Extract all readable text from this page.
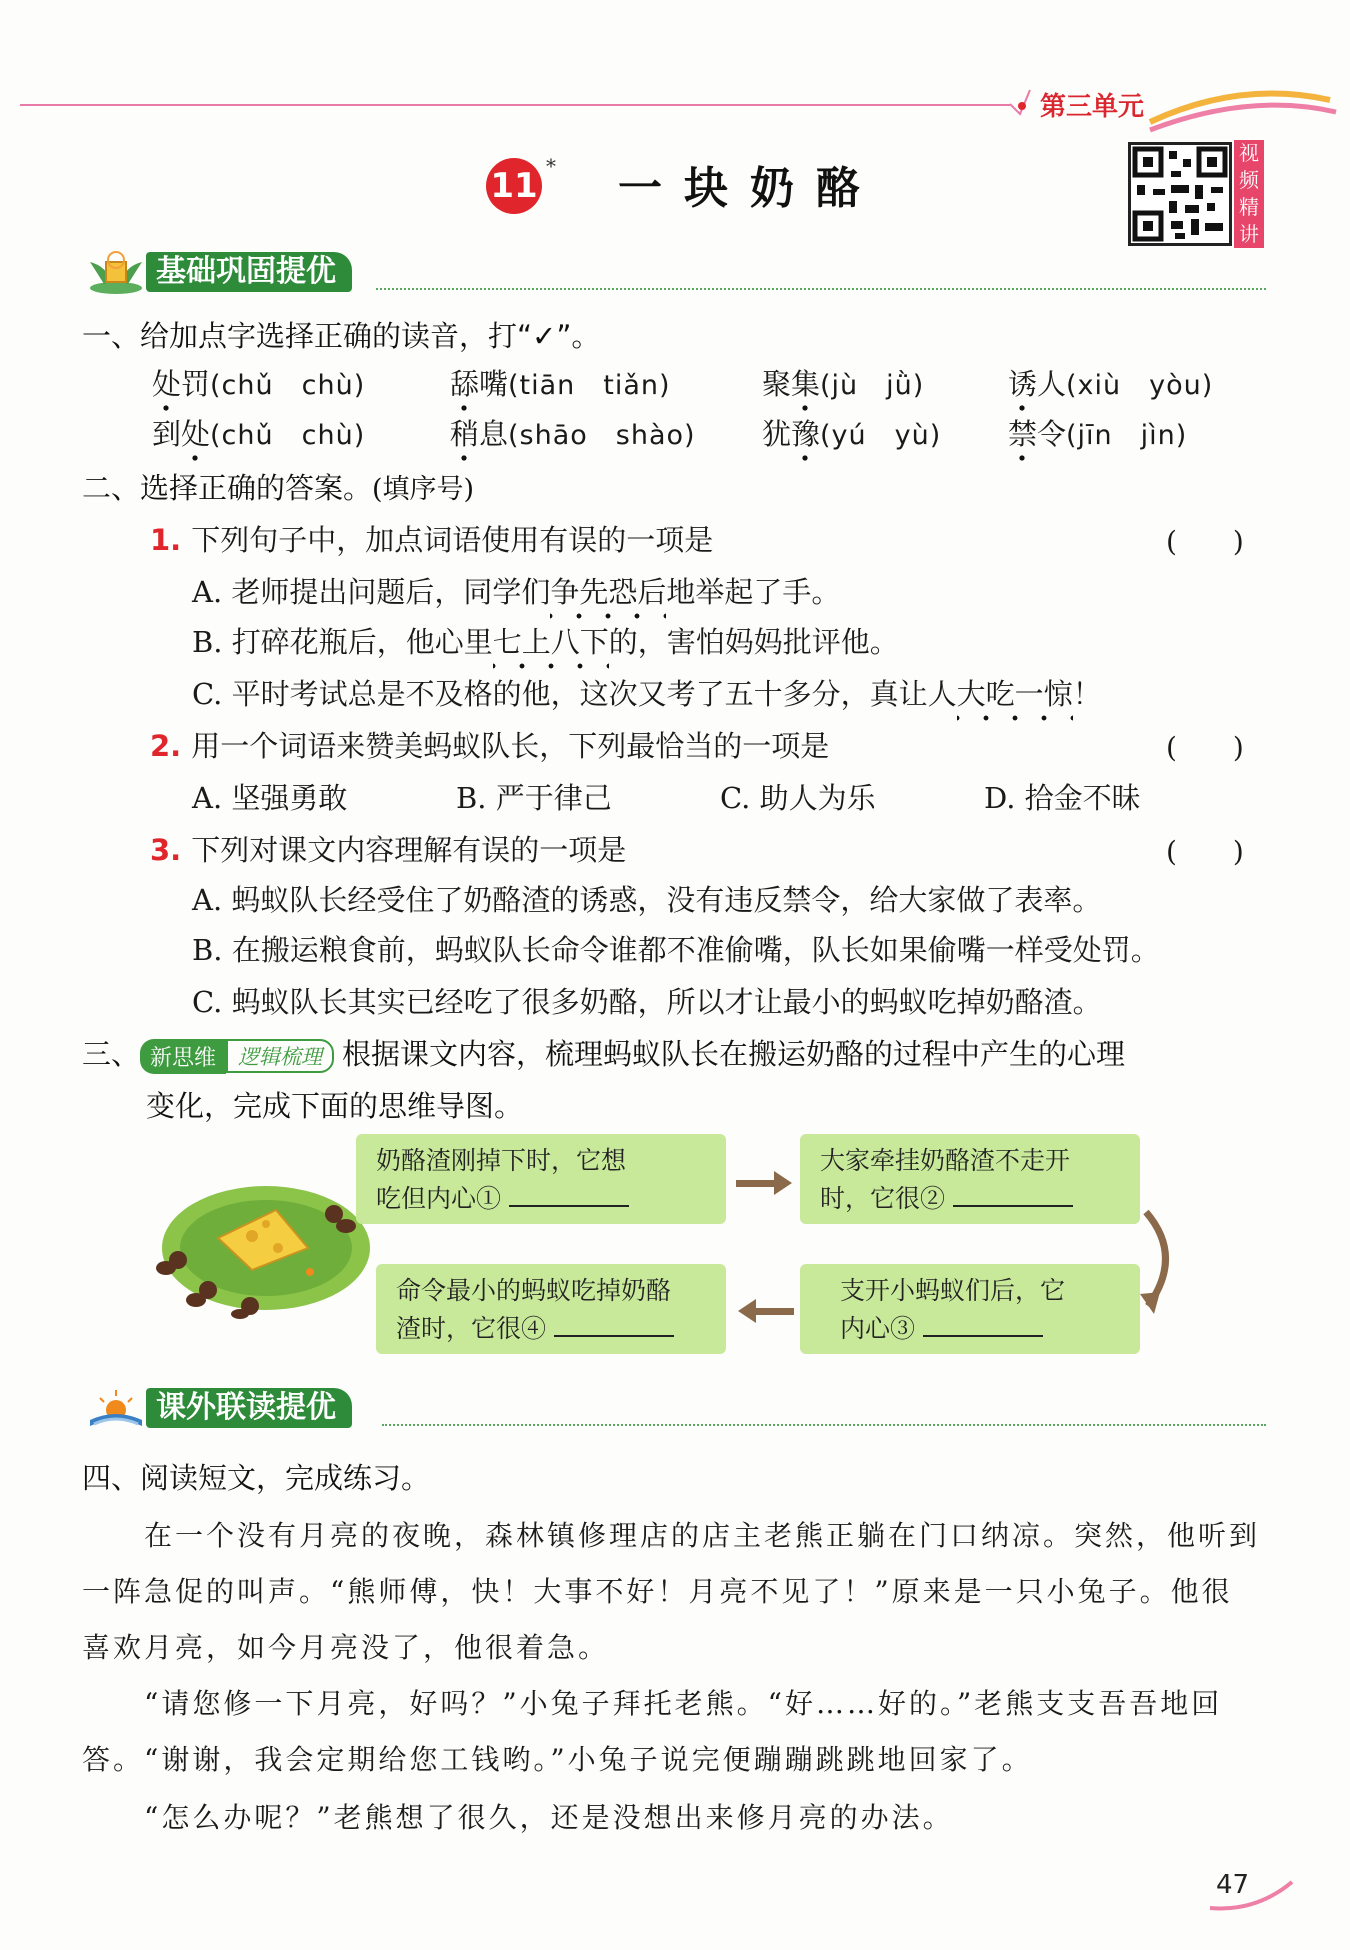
第三单元
11 * 一块奶酪
视
频
精
讲
基础巩固提优
一、给加点字选择正确的读音，打“✓”。
处罚(chǔ　chù)	舔嘴(tiān　tiǎn)	聚集(jù　jǜ)	诱人(xiù　yòu)
到处(chǔ　chù)	稍息(shāo　shào) 犹豫(yú　yù) 禁令(jīn　jìn)
二、选择正确的答案。(填序号)
1. 下列句子中，加点词语使用有误的一项是	(　　)
A. 老师提出问题后，同学们争先恐后地举起了手。
B. 打碎花瓶后，他心里七上八下的，害怕妈妈批评他。
C. 平时考试总是不及格的他，这次又考了五十多分，真让人大吃一惊！
2. 用一个词语来赞美蚂蚁队长，下列最恰当的一项是	(　　)
A. 坚强勇敢	B. 严于律己	C. 助人为乐	D. 拾金不昧
3. 下列对课文内容理解有误的一项是	(　　)
A. 蚂蚁队长经受住了奶酪渣的诱惑，没有违反禁令，给大家做了表率。
B. 在搬运粮食前，蚂蚁队长命令谁都不准偷嘴，队长如果偷嘴一样受处罚。
C. 蚂蚁队长其实已经吃了很多奶酪，所以才让最小的蚂蚁吃掉奶酪渣。
三、 新思维 逻辑梳理 根据课文内容，梳理蚂蚁队长在搬运奶酪的过程中产生的心理
变化，完成下面的思维导图。
奶酪渣刚掉下时，它想
吃但内心①
大家牵挂奶酪渣不走开
时，它很②
支开小蚂蚁们后，它
内心③
命令最小的蚂蚁吃掉奶酪
渣时，它很④
课外联读提优
四、阅读短文，完成练习。
　　在一个没有月亮的夜晚，森林镇修理店的店主老熊正躺在门口纳凉。突然，他听到一阵急促的叫声。“熊师傅，快！大事不好！月亮不见了！”原来是一只小兔子。他很喜欢月亮，如今月亮没了，他很着急。
　　“请您修一下月亮，好吗？”小兔子拜托老熊。“好……好的。”老熊支支吾吾地回答。“谢谢，我会定期给您工钱哟。”小兔子说完便蹦蹦跳跳地回家了。
　　“怎么办呢？”老熊想了很久，还是没想出来修月亮的办法。
47
